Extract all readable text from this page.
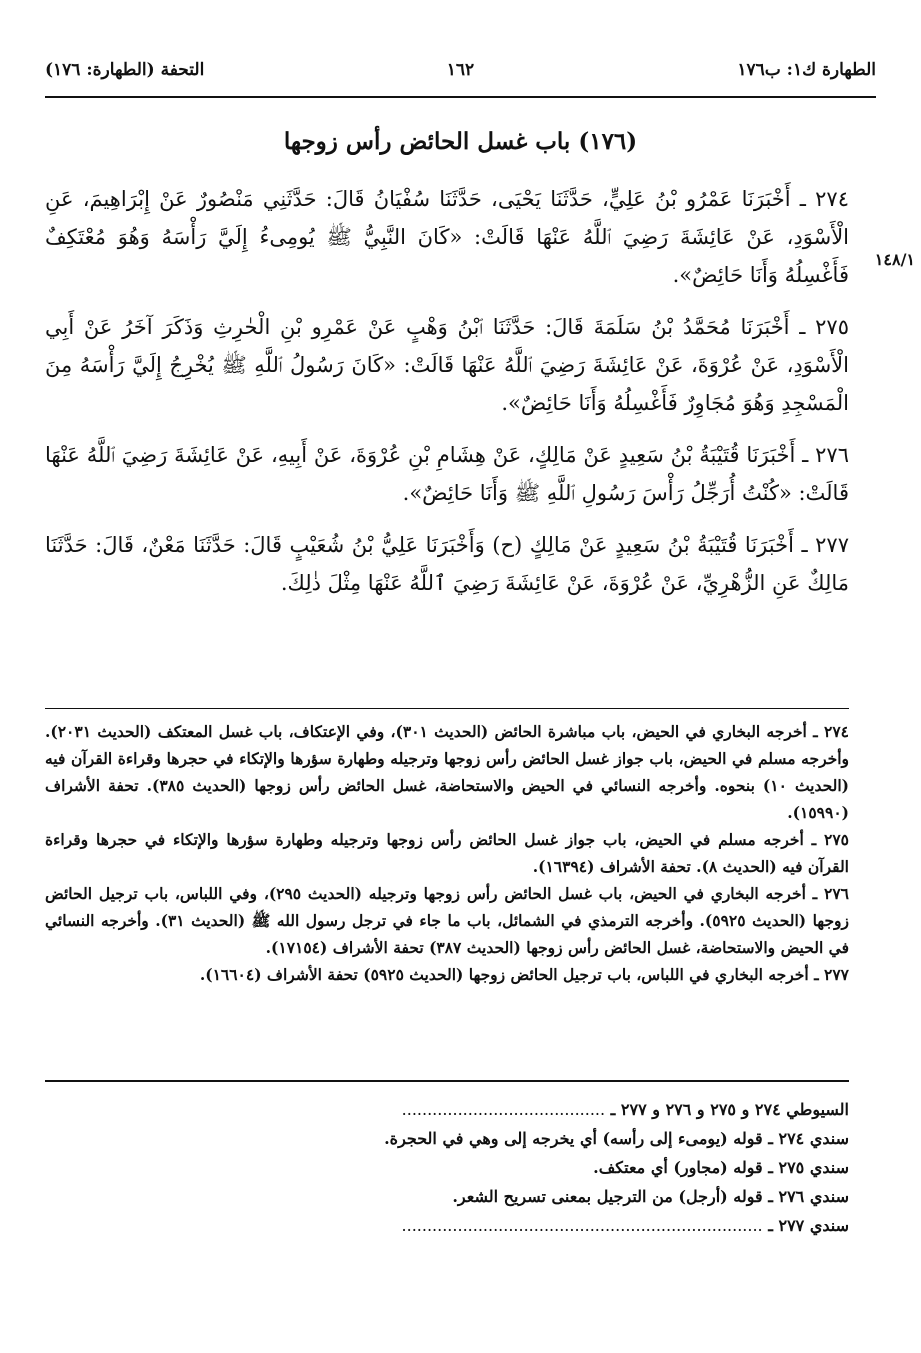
الطهارة ك١: ب١٧٦
١٦٢
التحفة (الطهارة: ١٧٦)
(١٧٦) باب غسل الحائض رأس زوجها
١٤٨/١

٢٧٤ ـ أَخْبَرَنَا عَمْرُو بْنُ عَلِيٍّ، حَدَّثَنَا يَحْيَى، حَدَّثَنَا سُفْيَانُ قَالَ: حَدَّثَنِي مَنْصُورٌ عَنْ إِبْرَاهِيمَ، عَنِ الْأَسْوَدِ، عَنْ عَائِشَةَ رَضِيَ ٱللَّهُ عَنْهَا قَالَتْ: «كَانَ النَّبِيُّ ﷺ يُومِىءُ إِلَيَّ رَأْسَهُ وَهُوَ مُعْتَكِفٌ فَأَغْسِلُهُ وَأَنَا حَائِضٌ».

٢٧٥ ـ أَخْبَرَنَا مُحَمَّدُ بْنُ سَلَمَةَ قَالَ: حَدَّثَنَا ٱبْنُ وَهْبٍ عَنْ عَمْرِو بْنِ الْحٰرِثِ وَذَكَرَ آخَرُ عَنْ أَبِي الْأَسْوَدِ، عَنْ عُرْوَةَ، عَنْ عَائِشَةَ رَضِيَ ٱللَّهُ عَنْهَا قَالَتْ: «كَانَ رَسُولُ ٱللَّهِ ﷺ يُخْرِجُ إِلَيَّ رَأْسَهُ مِنَ الْمَسْجِدِ وَهُوَ مُجَاوِرٌ فَأَغْسِلُهُ وَأَنَا حَائِضٌ».

٢٧٦ ـ أَخْبَرَنَا قُتَيْبَةُ بْنُ سَعِيدٍ عَنْ مَالِكٍ، عَنْ هِشَامِ بْنِ عُرْوَةَ، عَنْ أَبِيهِ، عَنْ عَائِشَةَ رَضِيَ ٱللَّهُ عَنْهَا قَالَتْ: «كُنْتُ أُرَجِّلُ رَأْسَ رَسُولِ ٱللَّهِ ﷺ وَأَنَا حَائِضٌ».

٢٧٧ ـ أَخْبَرَنَا قُتَيْبَةُ بْنُ سَعِيدٍ عَنْ مَالِكٍ (ح) وَأَخْبَرَنَا عَلِيُّ بْنُ شُعَيْبٍ قَالَ: حَدَّثَنَا مَعْنٌ، قَالَ: حَدَّثَنَا مَالِكٌ عَنِ الزُّهْرِيِّ، عَنْ عُرْوَةَ، عَنْ عَائِشَةَ رَضِيَ ٱللَّهُ عَنْهَا مِثْلَ ذٰلِكَ.

٢٧٤ ـ أخرجه البخاري في الحيض، باب مباشرة الحائض (الحديث ٣٠١)، وفي الإعتكاف، باب غسل المعتكف (الحديث ٢٠٣١). وأخرجه مسلم في الحيض، باب جواز غسل الحائض رأس زوجها وترجيله وطهارة سؤرها والإتكاء في حجرها وقراءة القرآن فيه (الحديث ١٠) بنحوه. وأخرجه النسائي في الحيض والاستحاضة، غسل الحائض رأس زوجها (الحديث ٣٨٥). تحفة الأشراف (١٥٩٩٠).

٢٧٥ ـ أخرجه مسلم في الحيض، باب جواز غسل الحائض رأس زوجها وترجيله وطهارة سؤرها والإتكاء في حجرها وقراءة القرآن فيه (الحديث ٨). تحفة الأشراف (١٦٣٩٤).

٢٧٦ ـ أخرجه البخاري في الحيض، باب غسل الحائض رأس زوجها وترجيله (الحديث ٢٩٥)، وفي اللباس، باب ترجيل الحائض زوجها (الحديث ٥٩٢٥). وأخرجه الترمذي في الشمائل، باب ما جاء في ترجل رسول الله ﷺ (الحديث ٣١). وأخرجه النسائي في الحيض والاستحاضة، غسل الحائض رأس زوجها (الحديث ٣٨٧) تحفة الأشراف (١٧١٥٤).

٢٧٧ ـ أخرجه البخاري في اللباس، باب ترجيل الحائض زوجها (الحديث ٥٩٢٥) تحفة الأشراف (١٦٦٠٤).

السيوطي ٢٧٤ و ٢٧٥ و ٢٧٦ و ٢٧٧ ـ ........................................

سندي ٢٧٤ ـ قوله (يومىء إلى رأسه) أي يخرجه إلى وهي في الحجرة.

سندي ٢٧٥ ـ قوله (مجاور) أي معتكف.

سندي ٢٧٦ ـ قوله (أرجل) من الترجيل بمعنى تسريح الشعر.

سندي ٢٧٧ ـ .......................................................................
